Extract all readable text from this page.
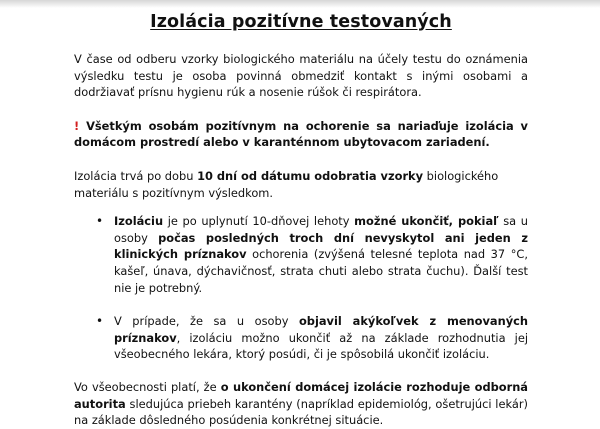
Izolácia pozitívne testovaných

V čase od odberu vzorky biologického materiálu na účely testu do oznámenia výsledku testu je osoba povinná obmedziť kontakt s inými osobami a dodržiavať prísnu hygienu rúk a nosenie rúšok či respirátora.

! Všetkým osobám pozitívnym na ochorenie sa nariaďuje izolácia v domácom prostredí alebo v karanténnom ubytovacom zariadení.

Izolácia trvá po dobu 10 dní od dátumu odobratia vzorky biologického materiálu s pozitívnym výsledkom.

• Izoláciu je po uplynutí 10-dňovej lehoty možné ukončiť, pokiaľ sa u osoby počas posledných troch dní nevyskytol ani jeden z klinických príznakov ochorenia (zvýšená telesné teplota nad 37 °C, kašeľ, únava, dýchavičnosť, strata chuti alebo strata čuchu). Ďalší test nie je potrebný.
• V prípade, že sa u osoby objavil akýkoľvek z menovaných príznakov, izoláciu možno ukončiť až na základe rozhodnutia jej všeobecného lekára, ktorý posúdi, či je spôsobilá ukončiť izoláciu.

Vo všeobecnosti platí, že o ukončení domácej izolácie rozhoduje odborná autorita sledujúca priebeh karantény (napríklad epidemiológ, ošetrujúci lekár) na základe dôsledného posúdenia konkrétnej situácie.
